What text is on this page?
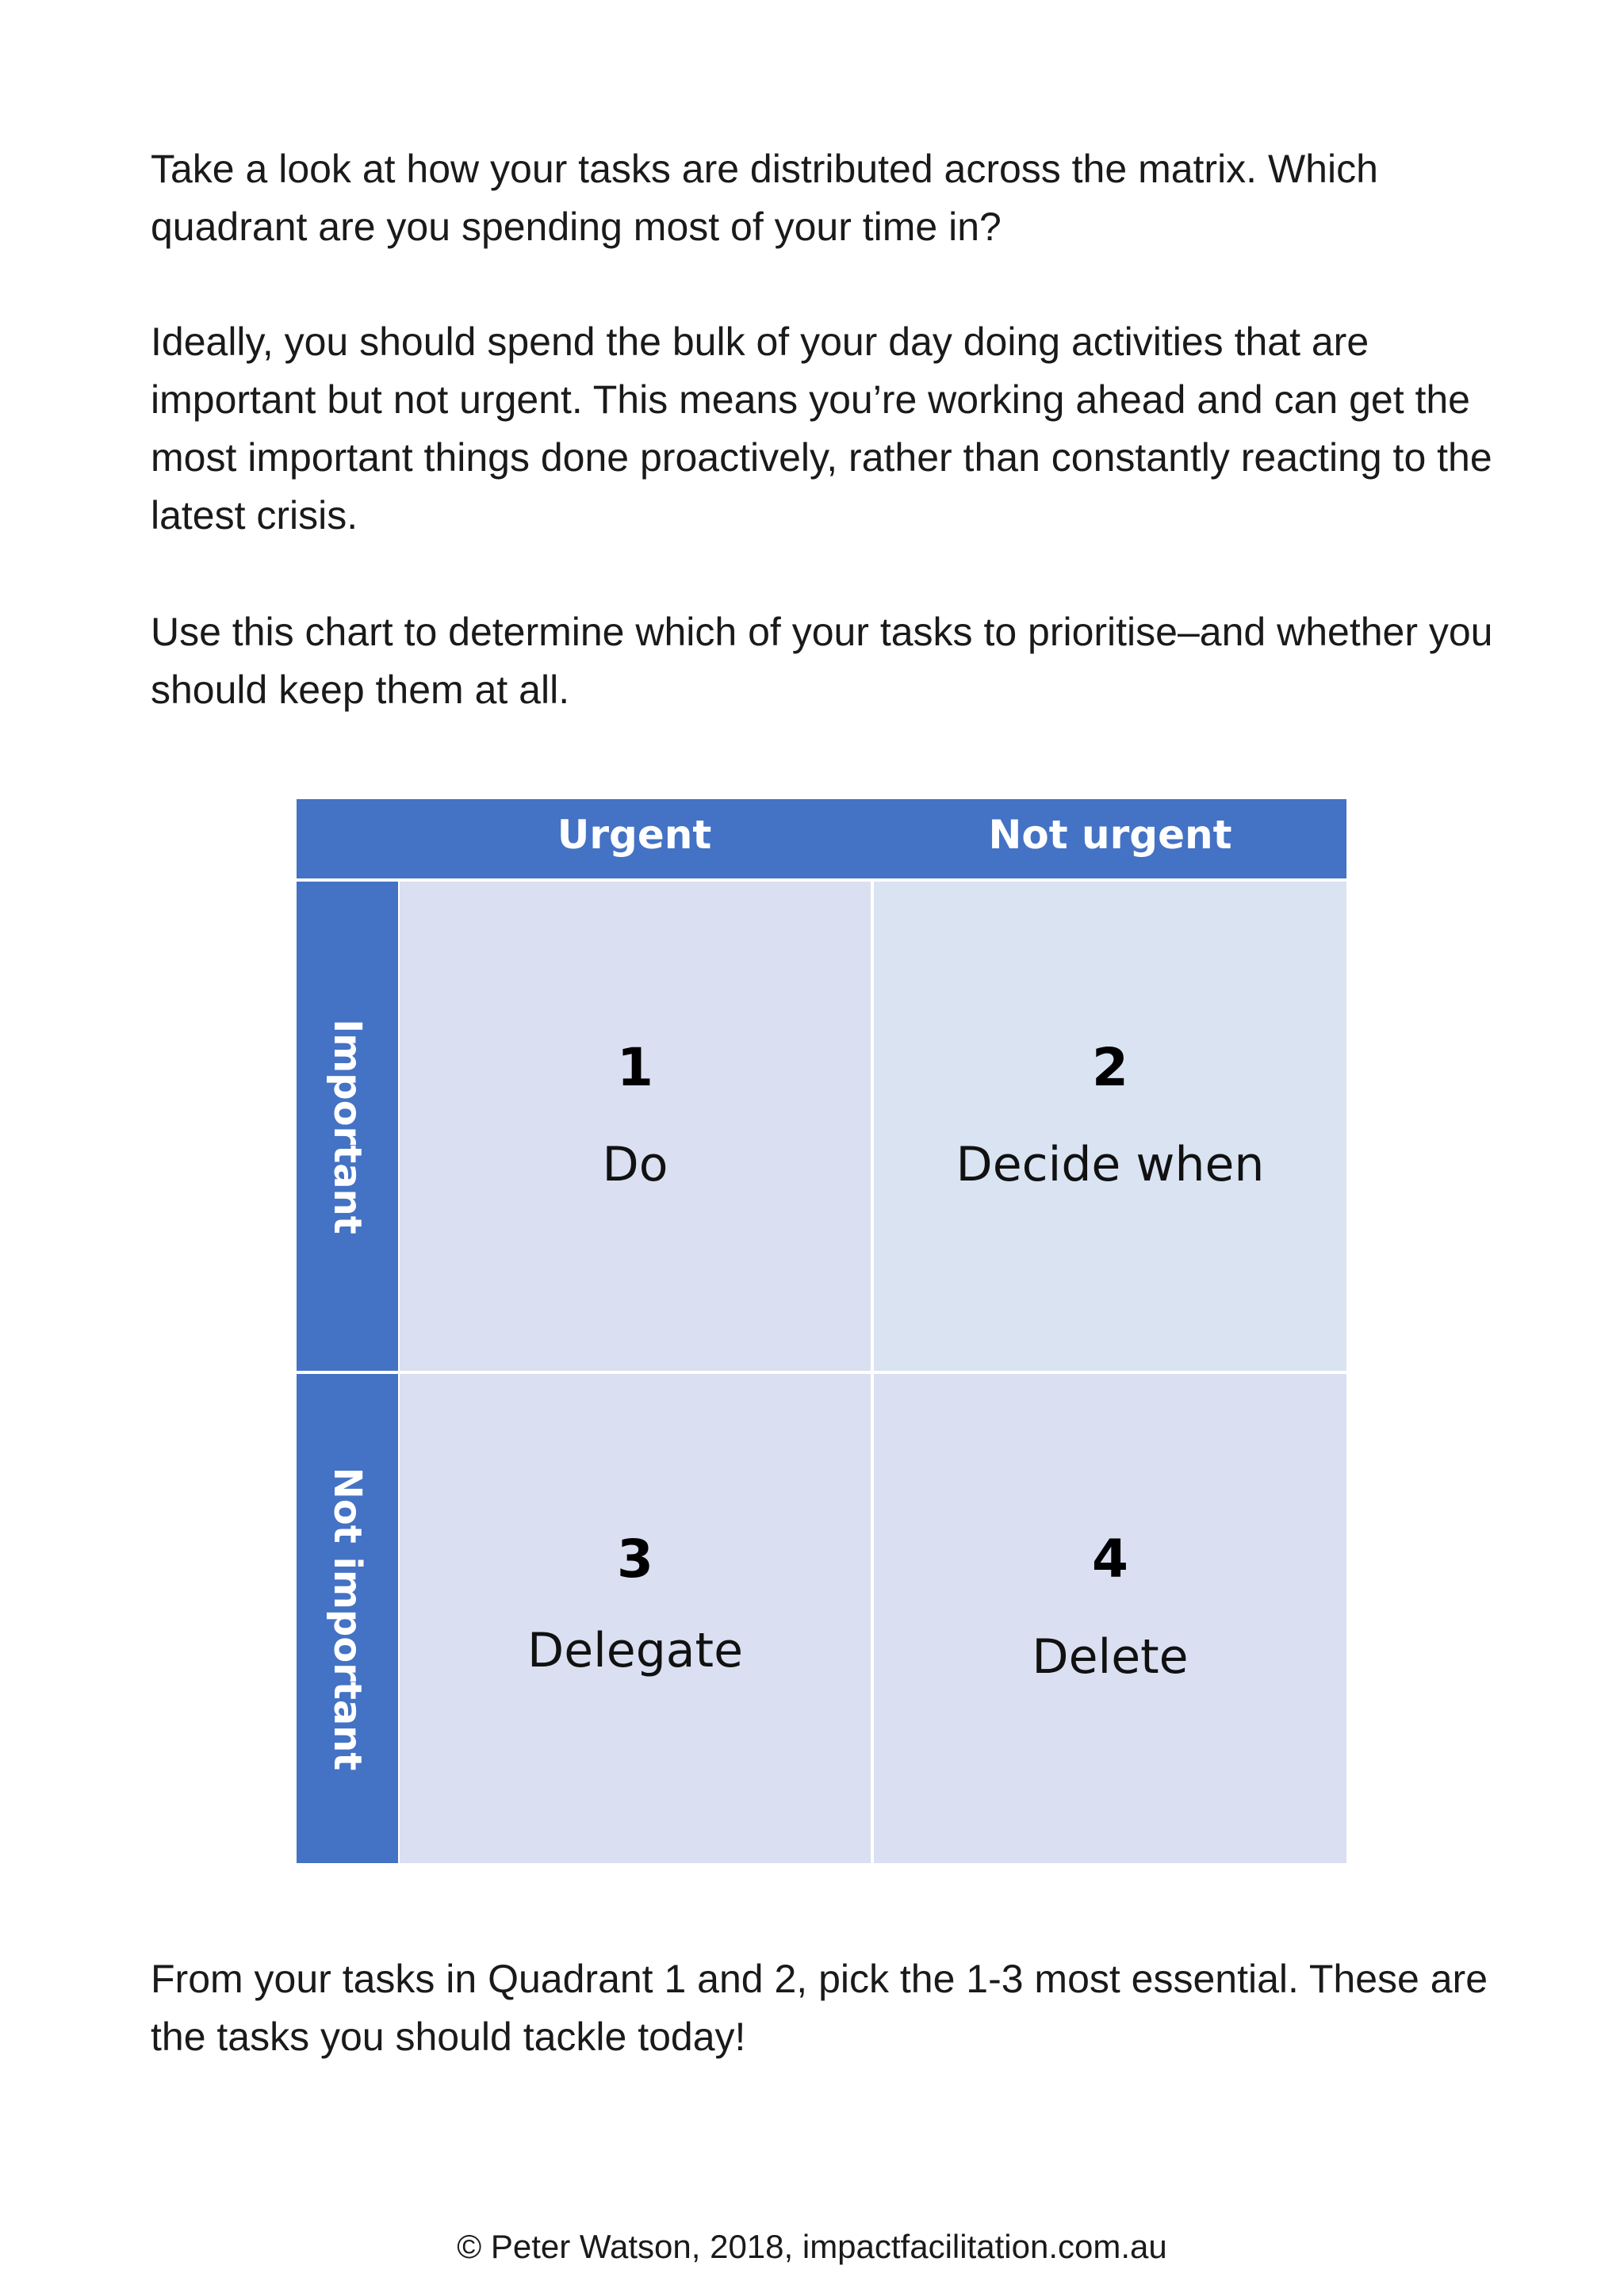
Take a look at how your tasks are distributed across the matrix. Which quadrant are you spending most of your time in?

Ideally, you should spend the bulk of your day doing activities that are important but not urgent. This means you’re working ahead and can get the most important things done proactively, rather than constantly reacting to the latest crisis.

Use this chart to determine which of your tasks to prioritise–and whether you should keep them at all.

Urgent	Not urgent
Important
Not important
1
Do
2
Decide when
3
Delegate
4
Delete

From your tasks in Quadrant 1 and 2, pick the 1-3 most essential. These are the tasks you should tackle today!

© Peter Watson, 2018, impactfacilitation.com.au
